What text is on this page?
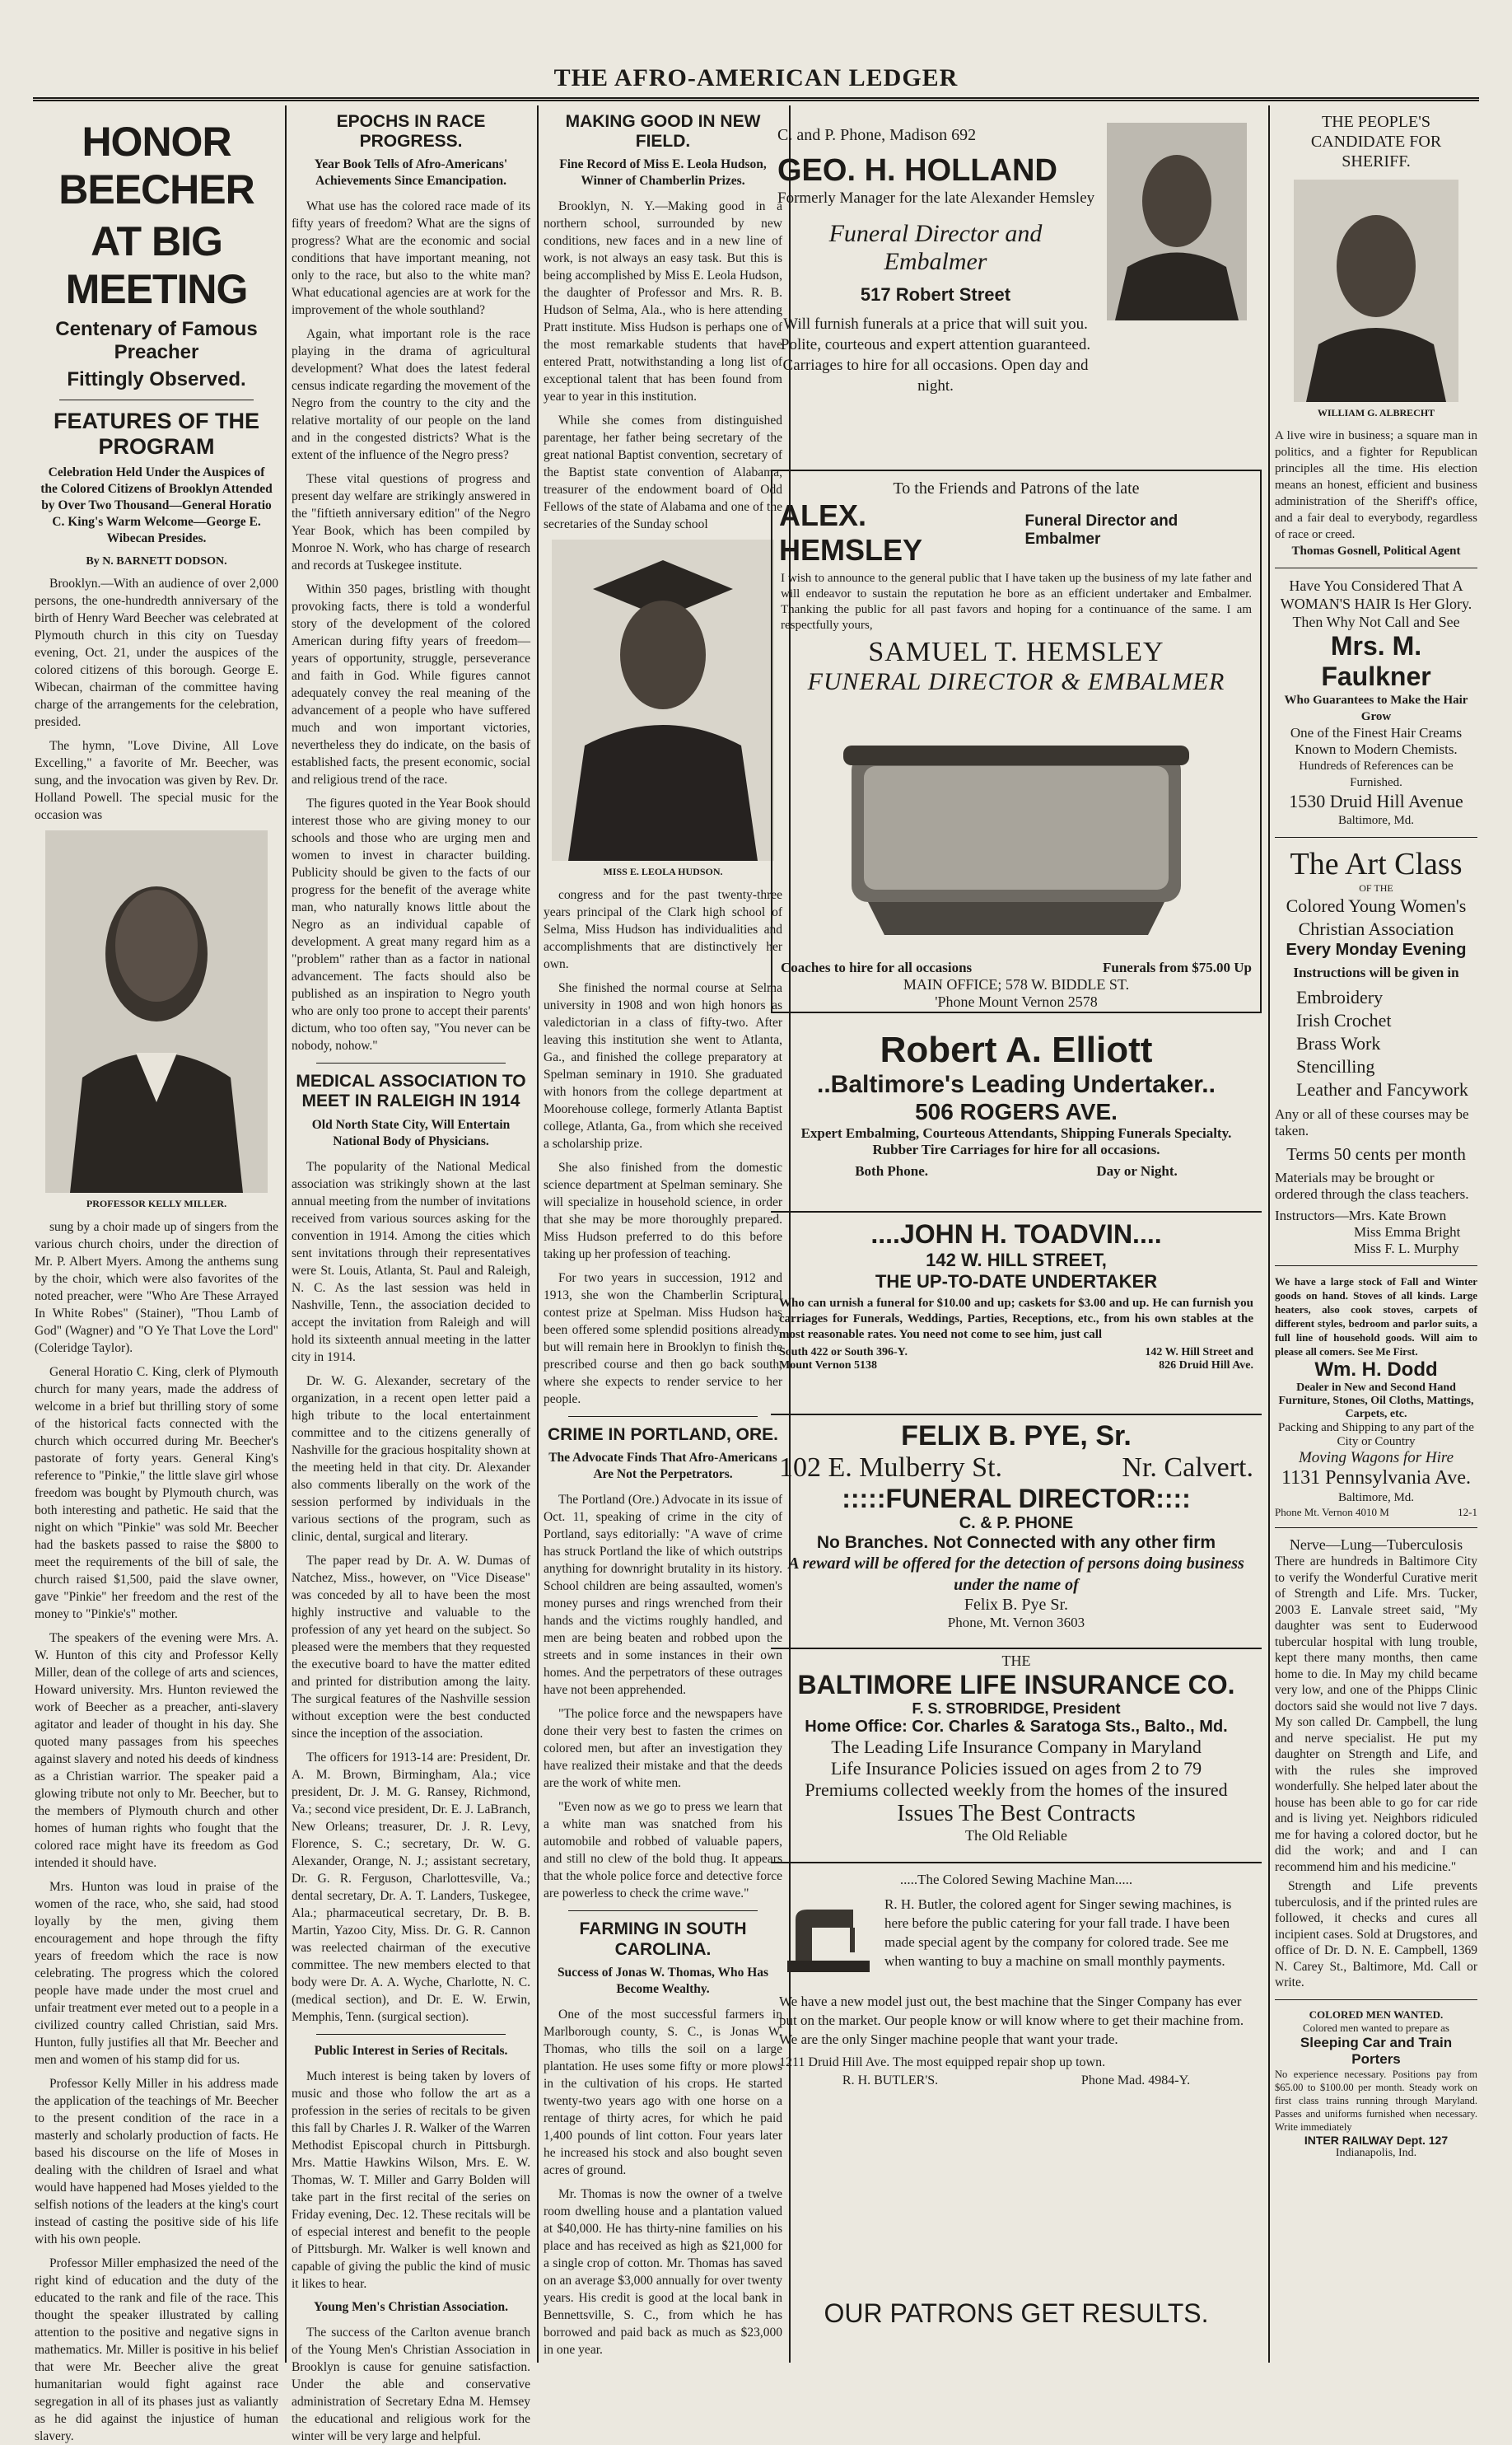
THE AFRO-AMERICAN LEDGER
HONOR BEECHER
AT BIG MEETING
Centenary of Famous Preacher
Fittingly Observed.
FEATURES OF THE PROGRAM
Celebration Held Under the Auspices of the Colored Citizens of Brooklyn Attended by Over Two Thousand—General Horatio C. King's Warm Welcome—George E. Wibecan Presides.
By N. BARNETT DODSON.

Brooklyn.—With an audience of over 2,000 persons, the one-hundredth anniversary of the birth of Henry Ward Beecher was celebrated at Plymouth church in this city on Tuesday evening, Oct. 21, under the auspices of the colored citizens of this borough. George E. Wibecan, chairman of the committee having charge of the arrangements for the celebration, presided.

The hymn, "Love Divine, All Love Excelling," a favorite of Mr. Beecher, was sung, and the invocation was given by Rev. Dr. Holland Powell. The special music for the occasion was

PROFESSOR KELLY MILLER.

sung by a choir made up of singers from the various church choirs, under the direction of Mr. P. Albert Myers. Among the anthems sung by the choir, which were also favorites of the noted preacher, were "Who Are These Arrayed In White Robes" (Stainer), "Thou Lamb of God" (Wagner) and "O Ye That Love the Lord" (Coleridge Taylor).

General Horatio C. King, clerk of Plymouth church for many years, made the address of welcome in a brief but thrilling story of some of the historical facts connected with the church which occurred during Mr. Beecher's pastorate of forty years. General King's reference to "Pinkie," the little slave girl whose freedom was bought by Plymouth church, was both interesting and pathetic. He said that the night on which "Pinkie" was sold Mr. Beecher had the baskets passed to raise the $800 to meet the requirements of the bill of sale, the church raised $1,500, paid the slave owner, gave "Pinkie" her freedom and the rest of the money to "Pinkie's" mother.

The speakers of the evening were Mrs. A. W. Hunton of this city and Professor Kelly Miller, dean of the college of arts and sciences, Howard university. Mrs. Hunton reviewed the work of Beecher as a preacher, anti-slavery agitator and leader of thought in his day. She quoted many passages from his speeches against slavery and noted his deeds of kindness as a Christian warrior. The speaker paid a glowing tribute not only to Mr. Beecher, but to the members of Plymouth church and other homes of human rights who fought that the colored race might have its freedom as God intended it should have.

Mrs. Hunton was loud in praise of the women of the race, who, she said, had stood loyally by the men, giving them encouragement and hope through the fifty years of freedom which the race is now celebrating. The progress which the colored people have made under the most cruel and unfair treatment ever meted out to a people in a civilized country called Christian, said Mrs. Hunton, fully justifies all that Mr. Beecher and men and women of his stamp did for us.

Professor Kelly Miller in his address made the application of the teachings of Mr. Beecher to the present condition of the race in a masterly and scholarly production of facts. He based his discourse on the life of Moses in dealing with the children of Israel and what would have happened had Moses yielded to the selfish notions of the leaders at the king's court instead of casting the positive side of his life with his own people.

Professor Miller emphasized the need of the right kind of education and the duty of the educated to the rank and file of the race. This thought the speaker illustrated by calling attention to the positive and negative signs in mathematics. Mr. Miller is positive in his belief that were Mr. Beecher alive the great humanitarian would fight against race segregation in all of its phases just as valiantly as he did against the injustice of human slavery.

EPOCHS IN RACE PROGRESS.
Year Book Tells of Afro-Americans' Achievements Since Emancipation.

What use has the colored race made of its fifty years of freedom? What are the signs of progress? What are the economic and social conditions that have important meaning, not only to the race, but also to the white man? What educational agencies are at work for the improvement of the whole southland?

Again, what important role is the race playing in the drama of agricultural development? What does the latest federal census indicate regarding the movement of the Negro from the country to the city and the relative mortality of our people on the land and in the congested districts? What is the extent of the influence of the Negro press?

These vital questions of progress and present day welfare are strikingly answered in the "fiftieth anniversary edition" of the Negro Year Book, which has been compiled by Monroe N. Work, who has charge of research and records at Tuskegee institute.

Within 350 pages, bristling with thought provoking facts, there is told a wonderful story of the development of the colored American during fifty years of freedom—years of opportunity, struggle, perseverance and faith in God. While figures cannot adequately convey the real meaning of the advancement of a people who have suffered much and won important victories, nevertheless they do indicate, on the basis of established facts, the present economic, social and religious trend of the race.

The figures quoted in the Year Book should interest those who are giving money to our schools and those who are urging men and women to invest in character building. Publicity should be given to the facts of our progress for the benefit of the average white man, who naturally knows little about the Negro as an individual capable of development. A great many regard him as a "problem" rather than as a factor in national advancement. The facts should also be published as an inspiration to Negro youth who are only too prone to accept their parents' dictum, who too often say, "You never can be nobody, nohow."

MEDICAL ASSOCIATION TO MEET IN RALEIGH IN 1914
Old North State City, Will Entertain National Body of Physicians.

The popularity of the National Medical association was strikingly shown at the last annual meeting from the number of invitations received from various sources asking for the convention in 1914. Among the cities which sent invitations through their representatives were St. Louis, Atlanta, St. Paul and Raleigh, N. C. As the last session was held in Nashville, Tenn., the association decided to accept the invitation from Raleigh and will hold its sixteenth annual meeting in the latter city in 1914.

Dr. W. G. Alexander, secretary of the organization, in a recent open letter paid a high tribute to the local entertainment committee and to the citizens generally of Nashville for the gracious hospitality shown at the meeting held in that city. Dr. Alexander also comments liberally on the work of the session performed by individuals in the various sections of the program, such as clinic, dental, surgical and literary.

The paper read by Dr. A. W. Dumas of Natchez, Miss., however, on "Vice Disease" was conceded by all to have been the most highly instructive and valuable to the profession of any yet heard on the subject. So pleased were the members that they requested the executive board to have the matter edited and printed for distribution among the laity. The surgical features of the Nashville session without exception were the best conducted since the inception of the association.

The officers for 1913-14 are: President, Dr. A. M. Brown, Birmingham, Ala.; vice president, Dr. J. M. G. Ransey, Richmond, Va.; second vice president, Dr. E. J. LaBranch, New Orleans; treasurer, Dr. J. R. Levy, Florence, S. C.; secretary, Dr. W. G. Alexander, Orange, N. J.; assistant secretary, Dr. G. R. Ferguson, Charlottesville, Va.; dental secretary, Dr. A. T. Landers, Tuskegee, Ala.; pharmaceutical secretary, Dr. B. B. Martin, Yazoo City, Miss. Dr. G. R. Cannon was reelected chairman of the executive committee. The new members elected to that body were Dr. A. A. Wyche, Charlotte, N. C. (medical section), and Dr. E. W. Erwin, Memphis, Tenn. (surgical section).

Public Interest in Series of Recitals.

Much interest is being taken by lovers of music and those who follow the art as a profession in the series of recitals to be given this fall by Charles J. R. Walker of the Warren Methodist Episcopal church in Pittsburgh. Mrs. Mattie Hawkins Wilson, Mrs. E. W. Thomas, W. T. Miller and Garry Bolden will take part in the first recital of the series on Friday evening, Dec. 12. These recitals will be of especial interest and benefit to the people of Pittsburgh. Mr. Walker is well known and capable of giving the public the kind of music it likes to hear.

Young Men's Christian Association.

The success of the Carlton avenue branch of the Young Men's Christian Association in Brooklyn is cause for genuine satisfaction. Under the able and conservative administration of Secretary Edna M. Hemsey the educational and religious work for the winter will be very large and helpful.

MAKING GOOD IN NEW FIELD.
Fine Record of Miss E. Leola Hudson, Winner of Chamberlin Prizes.

Brooklyn, N. Y.—Making good in a northern school, surrounded by new conditions, new faces and in a new line of work, is not always an easy task. But this is being accomplished by Miss E. Leola Hudson, the daughter of Professor and Mrs. R. B. Hudson of Selma, Ala., who is here attending Pratt institute. Miss Hudson is perhaps one of the most remarkable students that have entered Pratt, notwithstanding a long list of exceptional talent that has been found from year to year in this institution.

While she comes from distinguished parentage, her father being secretary of the great national Baptist convention, secretary of the Baptist state convention of Alabama, treasurer of the endowment board of Odd Fellows of the state of Alabama and one of the secretaries of the Sunday school

MISS E. LEOLA HUDSON.

congress and for the past twenty-three years principal of the Clark high school of Selma, Miss Hudson has individualities and accomplishments that are distinctively her own.

She finished the normal course at Selma university in 1908 and won high honors as valedictorian in a class of fifty-two. After leaving this institution she went to Atlanta, Ga., and finished the college preparatory at Spelman seminary in 1910. She graduated with honors from the college department at Moorehouse college, formerly Atlanta Baptist college, Atlanta, Ga., from which she received a scholarship prize.

She also finished from the domestic science department at Spelman seminary. She will specialize in household science, in order that she may be more thoroughly prepared. Miss Hudson preferred to do this before taking up her profession of teaching.

For two years in succession, 1912 and 1913, she won the Chamberlin Scriptural contest prize at Spelman. Miss Hudson has been offered some splendid positions already, but will remain here in Brooklyn to finish the prescribed course and then go back south, where she expects to render service to her people.

CRIME IN PORTLAND, ORE.
The Advocate Finds That Afro-Americans Are Not the Perpetrators.

The Portland (Ore.) Advocate in its issue of Oct. 11, speaking of crime in the city of Portland, says editorially: "A wave of crime has struck Portland the like of which outstrips anything for downright brutality in its history. School children are being assaulted, women's money purses and rings wrenched from their hands and the victims roughly handled, and men are being beaten and robbed upon the streets and in some instances in their own homes. And the perpetrators of these outrages have not been apprehended.

"The police force and the newspapers have done their very best to fasten the crimes on colored men, but after an investigation they have realized their mistake and that the deeds are the work of white men.

"Even now as we go to press we learn that a white man was snatched from his automobile and robbed of valuable papers, and still no clew of the bold thug. It appears that the whole police force and detective force are powerless to check the crime wave."

FARMING IN SOUTH CAROLINA.
Success of Jonas W. Thomas, Who Has Become Wealthy.

One of the most successful farmers in Marlborough county, S. C., is Jonas W. Thomas, who tills the soil on a large plantation. He uses some fifty or more plows in the cultivation of his crops. He started twenty-two years ago with one horse on a rentage of thirty acres, for which he paid 1,400 pounds of lint cotton. Four years later he increased his stock and also bought seven acres of ground.

Mr. Thomas is now the owner of a twelve room dwelling house and a plantation valued at $40,000. He has thirty-nine families on his place and has received as high as $21,000 for a single crop of cotton. Mr. Thomas has saved on an average $3,000 annually for over twenty years. His credit is good at the local bank in Bennettsville, S. C., from which he has borrowed and paid back as much as $23,000 in one year.

C. and P. Phone, Madison 692
GEO. H. HOLLAND
Formerly Manager for the late Alexander Hemsley
Funeral Director and
Embalmer
517 Robert Street
Will furnish funerals at a price that will suit you. Polite, courteous and expert attention guaranteed. Carriages to hire for all occasions. Open day and night.
To the Friends and Patrons of the late
ALEX. HEMSLEY
Funeral Director and Embalmer
I wish to announce to the general public that I have taken up the business of my late father and will endeavor to sustain the reputation he bore as an efficient undertaker and Embalmer. Thanking the public for all past favors and hoping for a continuance of the same. I am respectfully yours,
SAMUEL T. HEMSLEY
FUNERAL DIRECTOR & EMBALMER
Coaches to hire for all occasions	Funerals from $75.00 Up
MAIN OFFICE; 578 W. BIDDLE ST.
'Phone Mount Vernon 2578
Robert A. Elliott
..Baltimore's Leading Undertaker..
506 ROGERS AVE.
Expert Embalming, Courteous Attendants, Shipping Funerals Specialty. Rubber Tire Carriages for hire for all occasions.
Both Phone.	Day or Night.
....JOHN H. TOADVIN....
142 W. HILL STREET,
THE UP-TO-DATE UNDERTAKER
Who can urnish a funeral for $10.00 and up; caskets for $3.00 and up. He can furnish you carriages for Funerals, Weddings, Parties, Receptions, etc., from his own stables at the most reasonable rates. You need not come to see him, just call
South 422 or South 396-Y.
Mount Vernon 5138
142 W. Hill Street and
826 Druid Hill Ave.
FELIX B. PYE, Sr.
102 E. Mulberry St.	Nr. Calvert.
:::::FUNERAL DIRECTOR::::
C. & P. PHONE
No Branches. Not Connected with any other firm
A reward will be offered for the detection of persons doing business under the name of
Felix B. Pye Sr.
Phone, Mt. Vernon 3603
THE
BALTIMORE LIFE INSURANCE CO.
F. S. STROBRIDGE, President
Home Office: Cor. Charles & Saratoga Sts., Balto., Md.
The Leading Life Insurance Company in Maryland
Life Insurance Policies issued on ages from 2 to 79
Premiums collected weekly from the homes of the insured
Issues The Best Contracts
The Old Reliable
.....The Colored Sewing Machine Man.....
R. H. Butler, the colored agent for Singer sewing machines, is here before the public catering for your fall trade. I have been made special agent by the company for colored trade. See me when wanting to buy a machine on small monthly payments.
We have a new model just out, the best machine that the Singer Company has ever put on the market. Our people know or will know where to get their machine from. We are the only Singer machine people that want your trade.
1211 Druid Hill Ave. The most equipped repair shop up town.
R. H. BUTLER'S.	Phone Mad. 4984-Y.
OUR PATRONS GET RESULTS.
THE PEOPLE'S CANDIDATE FOR SHERIFF.
WILLIAM G. ALBRECHT
A live wire in business; a square man in politics, and a fighter for Republican principles all the time. His election means an honest, efficient and business administration of the Sheriff's office, and a fair deal to everybody, regardless of race or creed.
Thomas Gosnell, Political Agent
Have You Considered That A WOMAN'S HAIR Is Her Glory. Then Why Not Call and See
Mrs. M. Faulkner
Who Guarantees to Make the Hair Grow
One of the Finest Hair Creams Known to Modern Chemists.
Hundreds of References can be Furnished.
1530 Druid Hill Avenue
Baltimore, Md.
The Art Class
OF THE
Colored Young Women's Christian Association
Every Monday Evening
Instructions will be given in
Embroidery
Irish Crochet
Brass Work
Stencilling
Leather and Fancywork
Any or all of these courses may be taken.
Terms 50 cents per month
Materials may be brought or ordered through the class teachers.
Instructors—Mrs. Kate Brown
Miss Emma Bright
Miss F. L. Murphy
We have a large stock of Fall and Winter goods on hand. Stoves of all kinds. Large heaters, also cook stoves, carpets of different styles, bedroom and parlor suits, a full line of household goods. Will aim to please all comers. See Me First.
Wm. H. Dodd
Dealer in New and Second Hand Furniture, Stones, Oil Cloths, Mattings, Carpets, etc.
Packing and Shipping to any part of the City or Country
Moving Wagons for Hire
1131 Pennsylvania Ave.
Baltimore, Md.
Phone Mt. Vernon 4010 M	12-1
Nerve—Lung—Tuberculosis
There are hundreds in Baltimore City to verify the Wonderful Curative merit of Strength and Life. Mrs. Tucker, 2003 E. Lanvale street said, "My daughter was sent to Euderwood tubercular hospital with lung trouble, kept there many months, then came home to die. In May my child became very low, and one of the Phipps Clinic doctors said she would not live 7 days. My son called Dr. Campbell, the lung and nerve specialist. He put my daughter on Strength and Life, and with the rules she improved wonderfully. She helped later about the house has been able to go for car ride and is living yet. Neighbors ridiculed me for having a colored doctor, but he did the work; and and I can recommend him and his medicine."
Strength and Life prevents tuberculosis, and if the printed rules are followed, it checks and cures all incipient cases. Sold at Drugstores, and office of Dr. D. N. E. Campbell, 1369 N. Carey St., Baltimore, Md. Call or write.
COLORED MEN WANTED.
Colored men wanted to prepare as
Sleeping Car and Train Porters
No experience necessary. Positions pay from $65.00 to $100.00 per month. Steady work on first class trains running through Maryland. Passes and uniforms furnished when necessary. Write immediately
INTER RAILWAY Dept. 127
Indianapolis, Ind.
